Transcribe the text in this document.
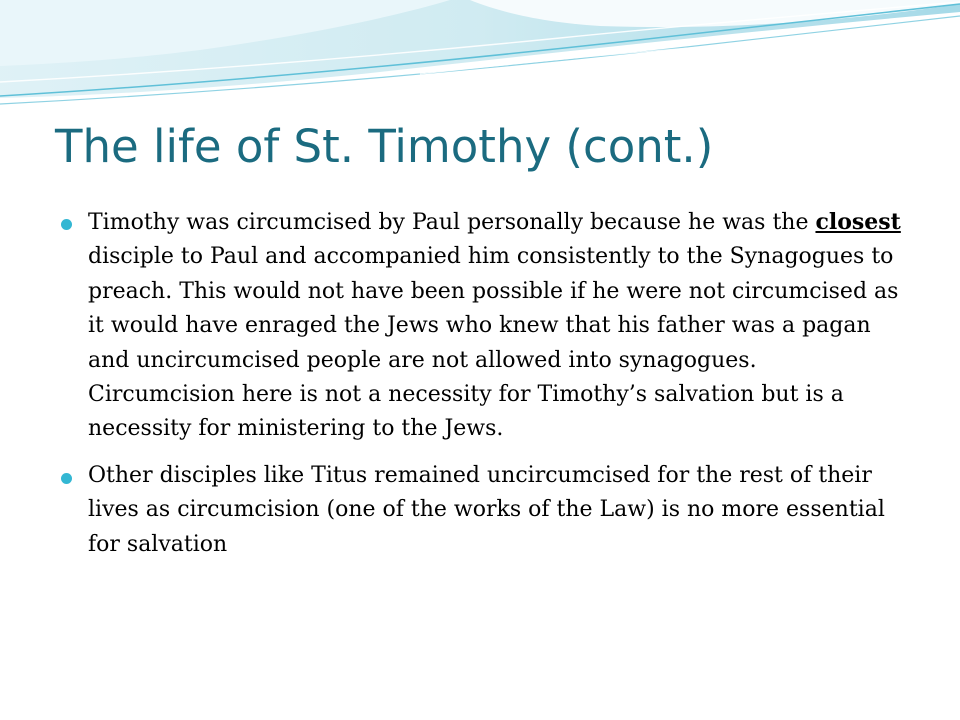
The life of St. Timothy (cont.)
Timothy was circumcised by Paul personally because he was the closest disciple to Paul and accompanied him consistently to the Synagogues to preach. This would not have been possible if he were not circumcised as it would have enraged the Jews who knew that his father was a pagan and uncircumcised people are not allowed into synagogues. Circumcision here is not a necessity for Timothy’s salvation but is a necessity for ministering to the Jews.
Other disciples like Titus remained uncircumcised for the rest of their lives as circumcision (one of the works of the Law) is no more essential for salvation
